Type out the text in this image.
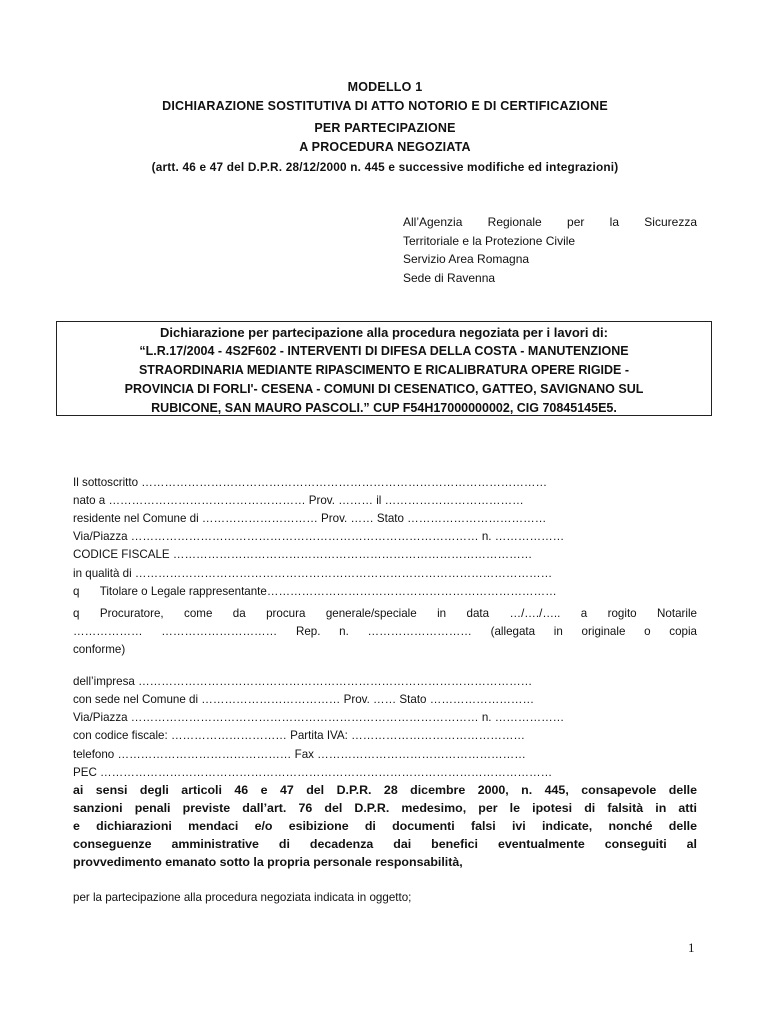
MODELLO 1
DICHIARAZIONE SOSTITUTIVA DI ATTO NOTORIO E DI CERTIFICAZIONE
PER PARTECIPAZIONE
A PROCEDURA NEGOZIATA
(artt. 46 e 47 del D.P.R. 28/12/2000 n. 445 e successive modifiche ed integrazioni)
All’Agenzia Regionale per la Sicurezza
Territoriale e la Protezione Civile
Servizio Area Romagna
Sede di Ravenna
Dichiarazione per partecipazione alla procedura negoziata per i lavori di:
“L.R.17/2004 - 4S2F602 - INTERVENTI DI DIFESA DELLA COSTA - MANUTENZIONE
STRAORDINARIA MEDIANTE RIPASCIMENTO E RICALIBRATURA OPERE RIGIDE -
PROVINCIA DI FORLI'- CESENA - COMUNI DI CESENATICO, GATTEO, SAVIGNANO SUL
RUBICONE, SAN MAURO PASCOLI.” CUP F54H17000000002, CIG 70845145E5.
Il sottoscritto ……………………………………………………………………………………………
nato a …………………………………………… Prov. ……… il ………………………………
residente nel Comune di ………………………… Prov. …… Stato ………………………………
Via/Piazza ……………………………………………………………………………… n. ………………
CODICE FISCALE …………………………………………………………………………………
in qualità di ………………………………………………………………………………………………
q Titolare o Legale rappresentante…………………………………………………………………
q Procuratore, come da procura generale/speciale in data …/…./….. a rogito Notarile
……………… ………………………… Rep. n. ……………………… (allegata in originale o copia
conforme)
dell’impresa …………………………………………………………………………………………
con sede nel Comune di ……………………………… Prov. …… Stato ………………………
Via/Piazza ……………………………………………………………………………… n. ………………
con codice fiscale: ………………………… Partita IVA: ………………………………………
telefono ……………………………………… Fax ………………………………………………
PEC ………………………………………………………………………………………………………
ai sensi degli articoli 46 e 47 del D.P.R. 28 dicembre 2000, n. 445, consapevole delle
sanzioni penali previste dall’art. 76 del D.P.R. medesimo, per le ipotesi di falsità in atti
e dichiarazioni mendaci e/o esibizione di documenti falsi ivi indicate, nonché delle
conseguenze amministrative di decadenza dai benefici eventualmente conseguiti al
provvedimento emanato sotto la propria personale responsabilità,
per la partecipazione alla procedura negoziata indicata in oggetto;
1
